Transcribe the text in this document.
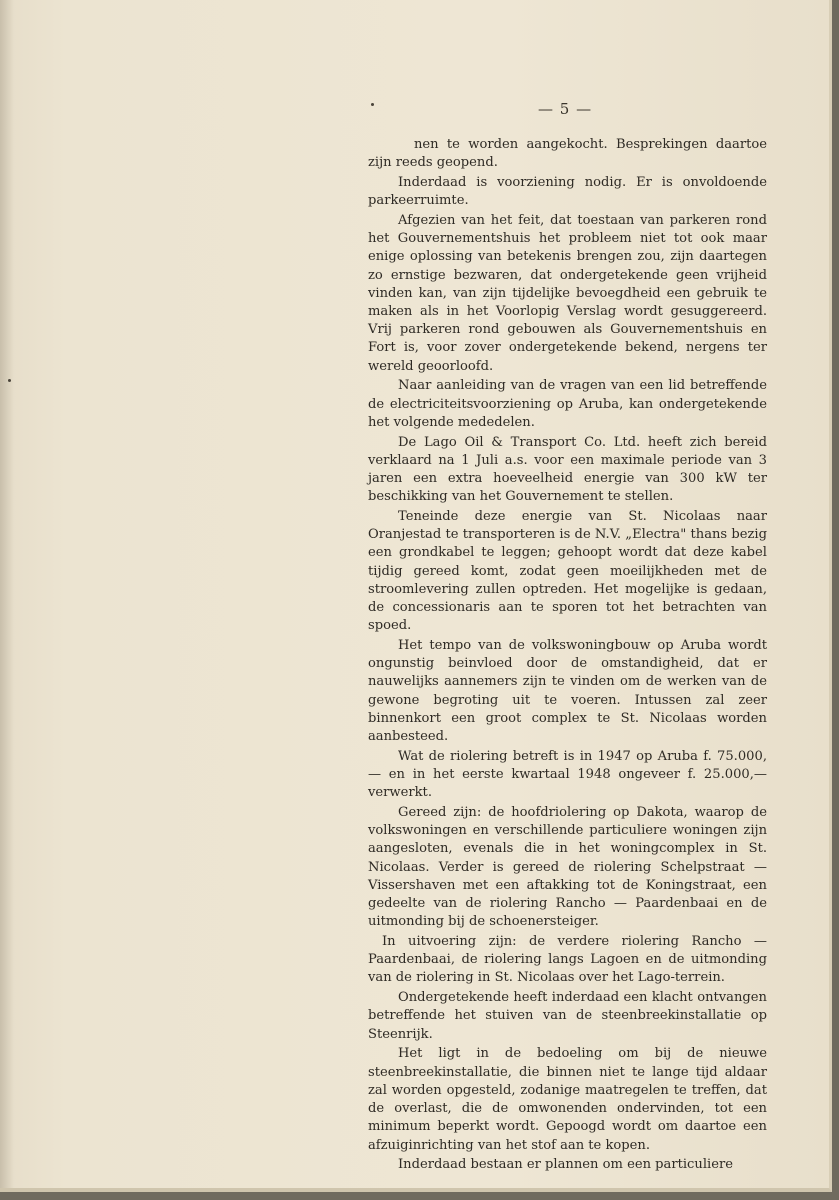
— 5 —

nen te worden aangekocht. Besprekingen daartoe zijn reeds geopend.

Inderdaad is voorziening nodig. Er is onvoldoende parkeerruimte.

Afgezien van het feit, dat toestaan van parkeren rond het Gouvernementshuis het probleem niet tot ook maar enige oplossing van betekenis brengen zou, zijn daartegen zo ernstige bezwaren, dat ondergetekende geen vrijheid vinden kan, van zijn tijdelijke bevoegdheid een gebruik te maken als in het Voorlopig Verslag wordt gesuggereerd. Vrij parkeren rond gebouwen als Gouvernementshuis en Fort is, voor zover ondergetekende bekend, nergens ter wereld geoorloofd.

Naar aanleiding van de vragen van een lid betreffende de electriciteitsvoorziening op Aruba, kan ondergetekende het volgende mededelen.

De Lago Oil & Transport Co. Ltd. heeft zich bereid verklaard na 1 Juli a.s. voor een maximale periode van 3 jaren een extra hoeveelheid energie van 300 kW ter beschikking van het Gouvernement te stellen.

Teneinde deze energie van St. Nicolaas naar Oranjestad te transporteren is de N.V. „Electra" thans bezig een grondkabel te leggen; gehoopt wordt dat deze kabel tijdig gereed komt, zodat geen moeilijkheden met de stroomlevering zullen optreden. Het mogelijke is gedaan, de concessionaris aan te sporen tot het betrachten van spoed.

Het tempo van de volkswoningbouw op Aruba wordt ongunstig beinvloed door de omstandigheid, dat er nauwelijks aannemers zijn te vinden om de werken van de gewone begroting uit te voeren. Intussen zal zeer binnenkort een groot complex te St. Nicolaas worden aanbesteed.

Wat de riolering betreft is in 1947 op Aruba f. 75.000,— en in het eerste kwartaal 1948 ongeveer f. 25.000,— verwerkt.

Gereed zijn: de hoofdriolering op Dakota, waarop de volkswoningen en verschillende particuliere woningen zijn aangesloten, evenals die in het woningcomplex in St. Nicolaas. Verder is gereed de riolering Schelpstraat — Vissershaven met een aftakking tot de Koningstraat, een gedeelte van de riolering Rancho — Paardenbaai en de uitmonding bij de schoenersteiger.

In uitvoering zijn: de verdere riolering Rancho — Paardenbaai, de riolering langs Lagoen en de uitmonding van de riolering in St. Nicolaas over het Lago-terrein.

Ondergetekende heeft inderdaad een klacht ontvangen betreffende het stuiven van de steenbreekinstallatie op Steenrijk.

Het ligt in de bedoeling om bij de nieuwe steenbreekinstallatie, die binnen niet te lange tijd aldaar zal worden opgesteld, zodanige maatregelen te treffen, dat de overlast, die de omwonenden ondervinden, tot een minimum beperkt wordt. Gepoogd wordt om daartoe een afzuiginrichting van het stof aan te kopen.

Inderdaad bestaan er plannen om een particuliere
